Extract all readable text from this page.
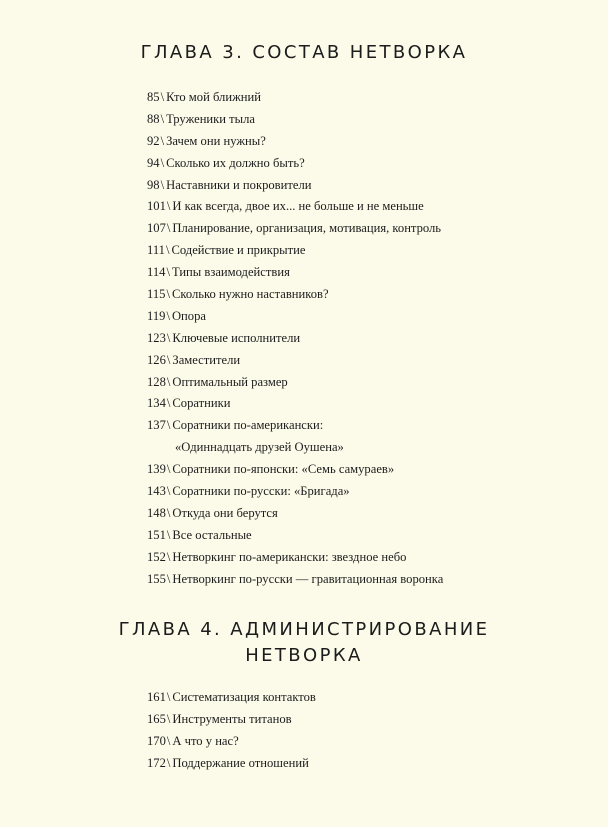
ГЛАВА 3. СОСТАВ НЕТВОРКА
85\ Кто мой ближний
88\ Труженики тыла
92\ Зачем они нужны?
94\ Сколько их должно быть?
98\ Наставники и покровители
101\ И как всегда, двое их... не больше и не меньше
107\ Планирование, организация, мотивация, контроль
111\ Содействие и прикрытие
114\ Типы взаимодействия
115\ Сколько нужно наставников?
119\ Опора
123\ Ключевые исполнители
126\ Заместители
128\ Оптимальный размер
134\ Соратники
137\ Соратники по-американски:
«Одиннадцать друзей Оушена»
139\ Соратники по-японски: «Семь самураев»
143\ Соратники по-русски: «Бригада»
148\ Откуда они берутся
151\ Все остальные
152\ Нетворкинг по-американски: звездное небо
155\ Нетворкинг по-русски — гравитационная воронка
ГЛАВА 4. АДМИНИСТРИРОВАНИЕ
НЕТВОРКА
161\ Систематизация контактов
165\ Инструменты титанов
170\ А что у нас?
172\ Поддержание отношений
